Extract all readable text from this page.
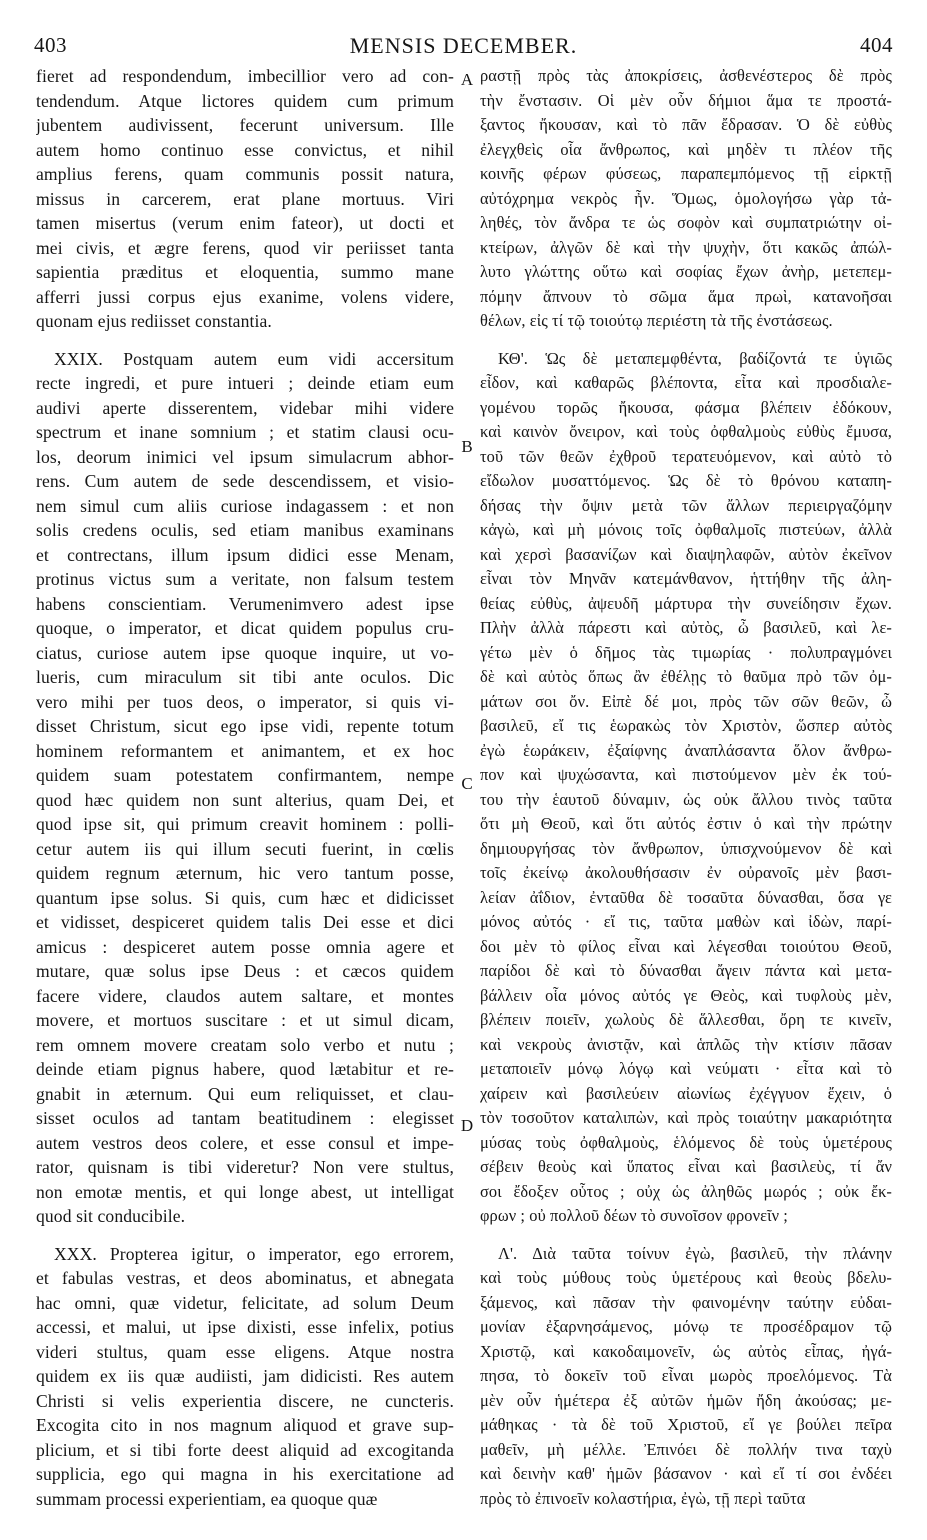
403	MENSIS DECEMBER.	404
fieret ad respondendum, imbecillior vero ad con-
tendendum. Atque lictores quidem cum primum
jubentem audivissent, fecerunt universum. Ille
autem homo continuo esse convictus, et nihil
amplius ferens, quam communis possit natura,
missus in carcerem, erat plane mortuus. Viri
tamen misertus (verum enim fateor), ut docti et
mei civis, et ægre ferens, quod vir periisset tanta
sapientia præditus et eloquentia, summo mane
afferri jussi corpus ejus exanime, volens videre,
quonam ejus rediisset constantia.
XXIX. Postquam autem eum vidi accersitum
recte ingredi, et pure intueri ; deinde etiam eum
audivi aperte disserentem, videbar mihi videre
spectrum et inane somnium ; et statim clausi ocu-
los, deorum inimici vel ipsum simulacrum abhor-
rens. Cum autem de sede descendissem, et visio-
nem simul cum aliis curiose indagassem : et non
solis credens oculis, sed etiam manibus examinans
et contrectans, illum ipsum didici esse Menam,
protinus victus sum a veritate, non falsum testem
habens conscientiam. Verumenimvero adest ipse
quoque, o imperator, et dicat quidem populus cru-
ciatus, curiose autem ipse quoque inquire, ut vo-
lueris, cum miraculum sit tibi ante oculos. Dic
vero mihi per tuos deos, o imperator, si quis vi-
disset Christum, sicut ego ipse vidi, repente totum
hominem reformantem et animantem, et ex hoc
quidem suam potestatem confirmantem, nempe
quod hæc quidem non sunt alterius, quam Dei, et
quod ipse sit, qui primum creavit hominem : polli-
cetur autem iis qui illum secuti fuerint, in cœlis
quidem regnum æternum, hic vero tantum posse,
quantum ipse solus. Si quis, cum hæc et didicisset
et vidisset, despiceret quidem talis Dei esse et dici
amicus : despiceret autem posse omnia agere et
mutare, quæ solus ipse Deus : et cæcos quidem
facere videre, claudos autem saltare, et montes
movere, et mortuos suscitare : et ut simul dicam,
rem omnem movere creatam solo verbo et nutu ;
deinde etiam pignus habere, quod lætabitur et re-
gnabit in æternum. Qui eum reliquisset, et clau-
sisset oculos ad tantam beatitudinem : elegisset
autem vestros deos colere, et esse consul et impe-
rator, quisnam is tibi videretur? Non vere stultus,
non emotæ mentis, et qui longe abest, ut intelligat
quod sit conducibile.
XXX. Propterea igitur, o imperator, ego errorem,
et fabulas vestras, et deos abominatus, et abnegata
hac omni, quæ videtur, felicitate, ad solum Deum
accessi, et malui, ut ipse dixisti, esse infelix, potius
videri stultus, quam esse eligens. Atque nostra
quidem ex iis quæ audiisti, jam didicisti. Res autem
Christi si velis experientia discere, ne cuncteris.
Excogita cito in nos magnum aliquod et grave sup-
plicium, et si tibi forte deest aliquid ad excogitanda
supplicia, ego qui magna in his exercitatione ad
summam processi experientiam, ea quoque quæ
ραστῇ πρὸς τὰς ἀποκρίσεις, ἀσθενέστερος δὲ πρὸς
τὴν ἔνστασιν. Οἱ μὲν οὖν δήμιοι ἅμα τε προστά-
ξαντος ἤκουσαν, καὶ τὸ πᾶν ἔδρασαν. Ὁ δὲ εὐθὺς
ἐλεγχθεὶς οἷα ἄνθρωπος, καὶ μηδὲν τι πλέον τῆς
κοινῆς φέρων φύσεως, παραπεμπόμενος τῇ εἱρκτῇ
αὐτόχρημα νεκρὸς ἦν. Ὅμως, ὁμολογήσω γὰρ τἀ-
ληθές, τὸν ἄνδρα τε ὡς σοφὸν καὶ συμπατριώτην οἰ-
κτείρων, ἀλγῶν δὲ καὶ τὴν ψυχὴν, ὅτι κακῶς ἀπώλ-
λυτο γλώττης οὕτω καὶ σοφίας ἔχων ἀνὴρ, μετεπεμ-
πόμην ἄπνουν τὸ σῶμα ἅμα πρωὶ, κατανοῆσαι
θέλων, εἰς τί τῷ τοιούτῳ περιέστη τὰ τῆς ἐνστάσεως.
ΚΘ'. Ὡς δὲ μεταπεμφθέντα, βαδίζοντά τε ὑγιῶς
εἶδον, καὶ καθαρῶς βλέποντα, εἶτα καὶ προσδιαλε-
γομένου τορῶς ἤκουσα, φάσμα βλέπειν ἐδόκουν,
καὶ καινὸν ὄνειρον, καὶ τοὺς ὀφθαλμοὺς εὐθὺς ἔμυσα,
τοῦ τῶν θεῶν ἐχθροῦ τερατευόμενον, καὶ αὐτὸ τὸ
εἴδωλον μυσαττόμενος. Ὡς δὲ τὸ θρόνου καταπη-
δήσας τὴν ὄψιν μετὰ τῶν ἄλλων περιειργαζόμην
κἀγὼ, καὶ μὴ μόνοις τοῖς ὀφθαλμοῖς πιστεύων, ἀλλὰ
καὶ χερσὶ βασανίζων καὶ διαψηλαφῶν, αὐτὸν ἐκεῖνον
εἶναι τὸν Μηνᾶν κατεμάνθανον, ἡττήθην τῆς ἀλη-
θείας εὐθὺς, ἀψευδῆ μάρτυρα τὴν συνείδησιν ἔχων.
Πλὴν ἀλλὰ πάρεστι καὶ αὐτὸς, ὦ βασιλεῦ, καὶ λε-
γέτω μὲν ὁ δῆμος τὰς τιμωρίας · πολυπραγμόνει
δὲ καὶ αὐτὸς ὅπως ἂν ἐθέλῃς τὸ θαῦμα πρὸ τῶν ὀμ-
μάτων σοι ὄν. Εἰπὲ δέ μοι, πρὸς τῶν σῶν θεῶν, ὦ
βασιλεῦ, εἴ τις ἑωρακὼς τὸν Χριστὸν, ὥσπερ αὐτὸς
ἐγὼ ἑωράκειν, ἐξαίφνης ἀναπλάσαντα ὅλον ἄνθρω-
πον καὶ ψυχώσαντα, καὶ πιστούμενον μὲν ἐκ τού-
του τὴν ἑαυτοῦ δύναμιν, ὡς οὐκ ἄλλου τινὸς ταῦτα
ὅτι μὴ Θεοῦ, καὶ ὅτι αὐτός ἐστιν ὁ καὶ τὴν πρώτην
δημιουργήσας τὸν ἄνθρωπον, ὑπισχνούμενον δὲ καὶ
τοῖς ἐκείνῳ ἀκολουθήσασιν ἐν οὐρανοῖς μὲν βασι-
λείαν ἀΐδιον, ἐνταῦθα δὲ τοσαῦτα δύνασθαι, ὅσα γε
μόνος αὐτός · εἴ τις, ταῦτα μαθὼν καὶ ἰδὼν, παρί-
δοι μὲν τὸ φίλος εἶναι καὶ λέγεσθαι τοιούτου Θεοῦ,
παρίδοι δὲ καὶ τὸ δύνασθαι ἄγειν πάντα καὶ μετα-
βάλλειν οἷα μόνος αὐτός γε Θεὸς, καὶ τυφλοὺς μὲν,
βλέπειν ποιεῖν, χωλοὺς δὲ ἅλλεσθαι, ὄρη τε κινεῖν,
καὶ νεκροὺς ἀνιστᾷν, καὶ ἁπλῶς τὴν κτίσιν πᾶσαν
μεταποιεῖν μόνῳ λόγῳ καὶ νεύματι · εἶτα καὶ τὸ
χαίρειν καὶ βασιλεύειν αἰωνίως ἐχέγγυον ἔχειν, ὁ
τὸν τοσοῦτον καταλιπὼν, καὶ πρὸς τοιαύτην μακαριότητα
μύσας τοὺς ὀφθαλμοὺς, ἑλόμενος δὲ τοὺς ὑμετέρους
σέβειν θεοὺς καὶ ὕπατος εἶναι καὶ βασιλεὺς, τί ἄν
σοι ἔδοξεν οὗτος ; οὐχ ὡς ἀληθῶς μωρός ; οὐκ ἔκ-
φρων ; οὐ πολλοῦ δέων τὸ συνοῖσον φρονεῖν ;
Λ'. Διὰ ταῦτα τοίνυν ἐγὼ, βασιλεῦ, τὴν πλάνην
καὶ τοὺς μύθους τοὺς ὑμετέρους καὶ θεοὺς βδελυ-
ξάμενος, καὶ πᾶσαν τὴν φαινομένην ταύτην εὐδαι-
μονίαν ἐξαρνησάμενος, μόνῳ τε προσέδραμον τῷ
Χριστῷ, καὶ κακοδαιμονεῖν, ὡς αὐτὸς εἶπας, ἠγά-
πησα, τὸ δοκεῖν τοῦ εἶναι μωρὸς προελόμενος. Τὰ
μὲν οὖν ἡμέτερα ἐξ αὐτῶν ἡμῶν ἤδη ἀκούσας; με-
μάθηκας · τὰ δὲ τοῦ Χριστοῦ, εἴ γε βούλει πεῖρα
μαθεῖν, μὴ μέλλε. Ἐπινόει δὲ πολλήν τινα ταχὺ
καὶ δεινὴν καθ' ἡμῶν βάσανον · καὶ εἴ τί σοι ἐνδέει
πρὸς τὸ ἐπινοεῖν κολαστήρια, ἐγὼ, τῇ περὶ ταῦτα
A
B
C
D
